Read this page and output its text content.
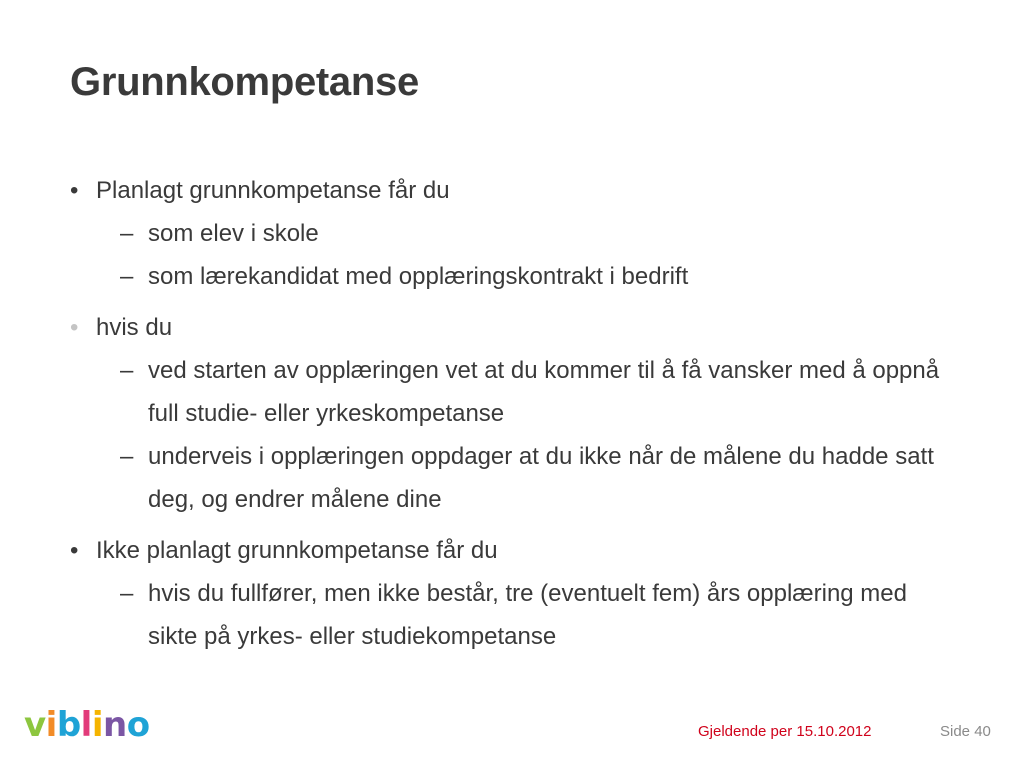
Grunnkompetanse
• Planlagt grunnkompetanse får du
– som elev i skole
– som lærekandidat med opplæringskontrakt i bedrift
• hvis du
– ved starten av opplæringen vet at du kommer til å få vansker med å oppnå full studie- eller yrkeskompetanse
– underveis i opplæringen oppdager at du ikke når de målene du hadde satt deg, og endrer målene dine
• Ikke planlagt grunnkompetanse får du
– hvis du fullfører, men ikke består, tre (eventuelt fem) års opplæring med sikte på yrkes- eller studiekompetanse
viblino	Gjeldende per 15.10.2012	Side 40
